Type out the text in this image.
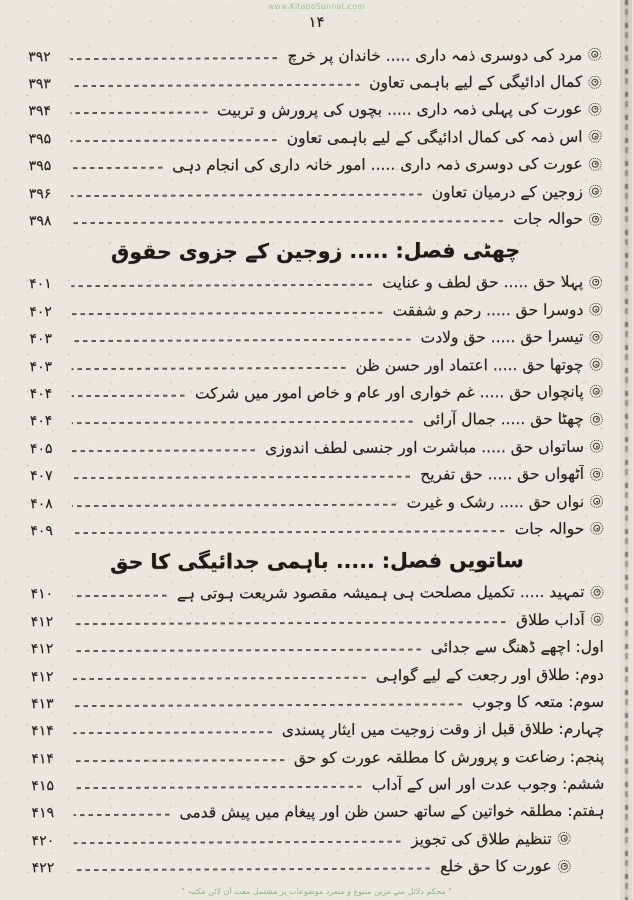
www.KitaboSunnat.com
۱۴
مرد کی دوسری ذمہ داری ..... خاندان پر خرچ
۳۹۲
کمال ادائیگی کے لیے باہمی تعاون
۳۹۳
عورت کی پہلی ذمہ داری ..... بچوں کی پرورش و تربیت
۳۹۴
اس ذمہ کی کمال ادائیگی کے لیے باہمی تعاون
۳۹۵
عورت کی دوسری ذمہ داری ..... امور خانہ داری کی انجام دہی
۳۹۵
زوجین کے درمیان تعاون
۳۹۶
حوالہ جات
۳۹۸
چھٹی فصل: ..... زوجین کے جزوی حقوق
پہلا حق ..... حق لطف و عنایت
۴۰۱
دوسرا حق ..... رحم و شفقت
۴۰۲
تیسرا حق ..... حق ولادت
۴۰۳
چوتھا حق ..... اعتماد اور حسن ظن
۴۰۳
پانچواں حق ..... غم خواری اور عام و خاص امور میں شرکت
۴۰۴
چھٹا حق ..... جمال آرائی
۴۰۴
ساتواں حق ..... مباشرت اور جنسی لطف اندوزی
۴۰۵
آٹھواں حق ..... حق تفریح
۴۰۷
نواں حق ..... رشک و غیرت
۴۰۸
حوالہ جات
۴۰۹
ساتویں فصل: ..... باہمی جدائیگی کا حق
تمہید ..... تکمیل مصلحت ہی ہمیشہ مقصود شریعت ہوتی ہے
۴۱۰
آداب طلاق
۴۱۲
اول: اچھے ڈھنگ سے جدائی
۴۱۲
دوم: طلاق اور رجعت کے لیے گواہی
۴۱۲
سوم: متعہ کا وجوب
۴۱۳
چہارم: طلاق قبل از وقت زوجیت میں ایثار پسندی
۴۱۴
پنجم: رضاعت و پرورش کا مطلقہ عورت کو حق
۴۱۴
ششم: وجوب عدت اور اس کے آداب
۴۱۵
ہفتم: مطلقہ خواتین کے ساتھ حسن ظن اور پیغام میں پیش قدمی
۴۱۹
تنظیم طلاق کی تجویز
۴۲۰
عورت کا حق خلع
۴۲۲
" محکم دلائل سے مزین متنوع و منفرد موضوعات پر مشتمل مفت آن لائن مکتبہ "
